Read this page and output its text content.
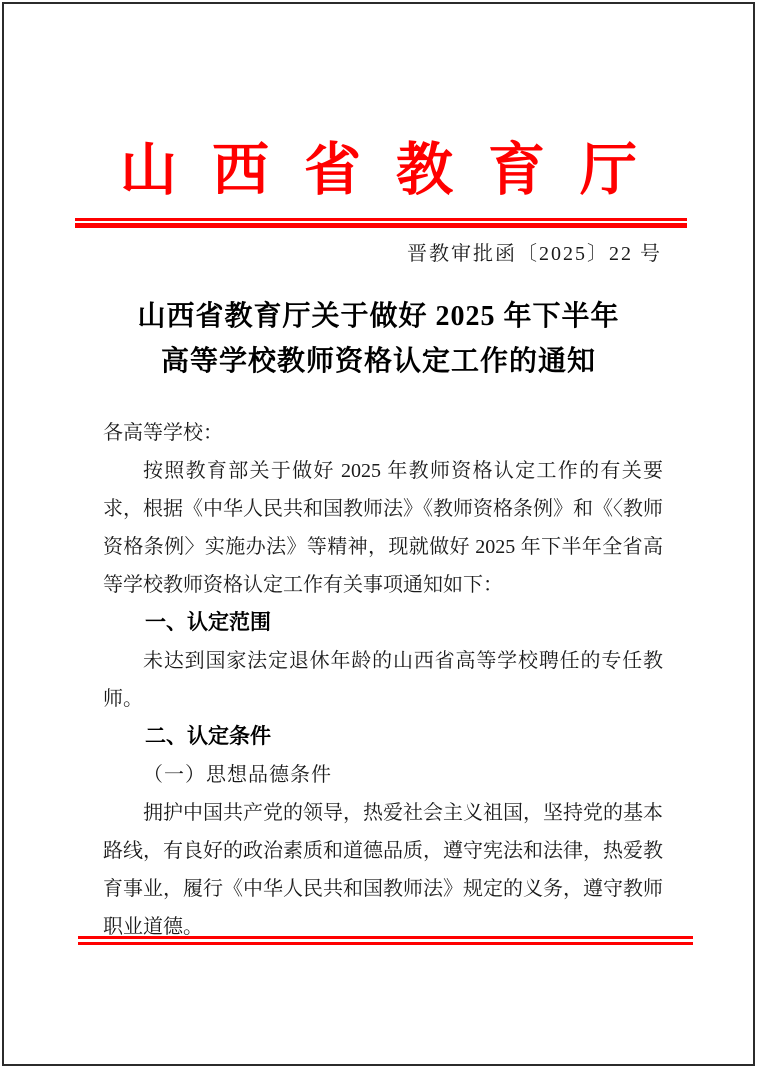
山西省教育厅
晋教审批函〔2025〕22 号
山西省教育厅关于做好 2025 年下半年
高等学校教师资格认定工作的通知

各高等学校：

按照教育部关于做好 2025 年教师资格认定工作的有关要求，根据《中华人民共和国教师法》《教师资格条例》和《〈教师资格条例〉实施办法》等精神，现就做好 2025 年下半年全省高等学校教师资格认定工作有关事项通知如下：

一、认定范围

未达到国家法定退休年龄的山西省高等学校聘任的专任教师。

二、认定条件

（一）思想品德条件

拥护中国共产党的领导，热爱社会主义祖国，坚持党的基本路线，有良好的政治素质和道德品质，遵守宪法和法律，热爱教育事业，履行《中华人民共和国教师法》规定的义务，遵守教师职业道德。
